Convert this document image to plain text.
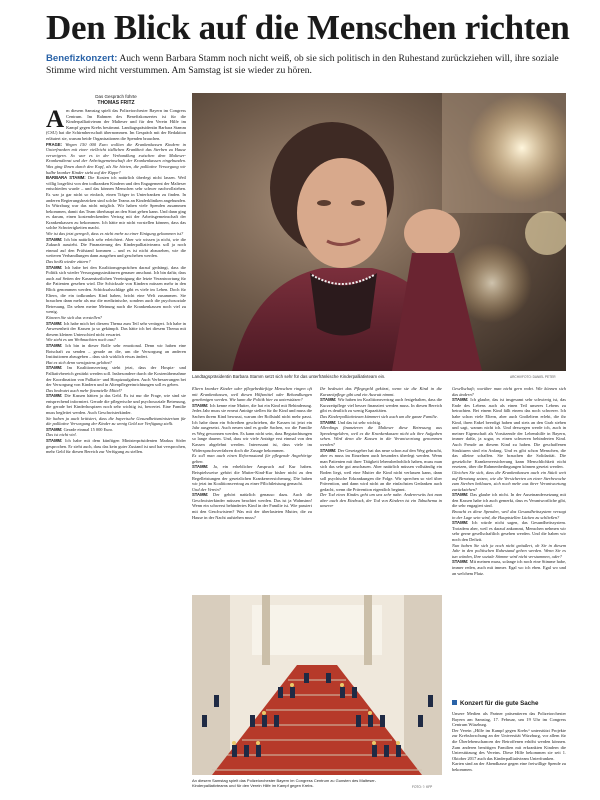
Den Blick auf die Menschen richten
Benefizkonzert: Auch wenn Barbara Stamm noch nicht weiß, ob sie sich politisch in den Ruhestand zurückziehen will, ihre soziale Stimme wird nicht verstummen. Am Samstag ist sie wieder zu hören.
Das Gespräch führte
THOMAS FRITZ
A m diesem Samstag spielt das Polizeiorchester Bayern im Congress Centrum. Im Rahmen des Benefizkonzertes ist für die Kinderpalliativteam der Malteser und für den Verein Hilfe im Kampf gegen Krebs bestimmt. Landtagspräsidentin Barbara Stamm (CSU) hat die Schirmherrschaft übernommen. Im Gespräch mit der Redaktion erläutert sie, warum beide Organisationen die Spenden brauchen.

FRAGE: Wegen 150 000 Euro wollten die Krankenkassen Kindern in Unterfranken mit einer vielleicht tödlichen Krankheit das Sterben zu Hause verweigern. So war es in der Verhandlung zwischen dem Malteser-Krankendienst und der Arbeitsgemeinschaft der Krankenkassen eingebunden. Was ging Ihnen durch den Kopf, als Sie hörten, die palliative Versorgung wir halbe kranker Kinder steht auf der Kippe?

BARBARA STAMM: Die Kosten ich natürlich überlegt nicht lassen. Weil völlig losgelöst von den todkranken Kindern und den Engagement der Malteser entschieden wurde – und das können Menschen sehr schwer nachvollziehen. Es war ja gar nicht so einfach, einen Träger in Unterfranken zu finden. In anderen Regierungsbezirken sind solche Teams an Kinderkliniken angebunden. In Würzburg war das nicht möglich. Wir haben viele Spenden zusammen bekommen, damit das Team überhaupt an den Start gehen kann. Und dann ging es darum, einen kostendeckenden Vertrag mit der Arbeitsgemeinschaft der Krankenkassen zu bekommen. Ich hätte mir nicht vorstellen können, dass das solche Schwierigkeiten macht.

Wie ist das jetzt geregelt, dass es nicht mehr zu einer Einigung gekommen ist?

STAMM: Ich bin natürlich sehr erleichtert. Aber wir wissen ja nicht, wie die Zukunft aussieht. Die Finanzierung des Kinderpalliativteams soll ja noch einmal auf den Prüfstand kommen – und es ist nicht abzusehen, wie die weiteren Verhandlungen dann ausgehen und geschehen werden.

Das heißt wieder zittern?

STAMM: Ich habe bei den Koalitionsgesprächen darauf gedrängt, dass die Politik sich wieder Versorgungsstrukturen genauer anschaut. Ich bin dafür, dass auch auf Seiten der Kassenärztlichen Vereinigung die letzte Verantwortung für die Patienten gesehen wird. Die Schicksale von Kindern müssen mehr in den Blick genommen werden. Schicksalsschläge gibt es viele im Leben. Doch für Eltern, die ein todkrankes Kind haben, bricht eine Welt zusammen. Sie brauchen dann mehr als nur die medizinische, sondern auch die psychosoziale Betreuung. Da sehen meine Meinung nach die Krankenkassen noch viel zu wenig.

Können Sie sich das vorstellen?

STAMM: Ich habe mich bei diesem Thema zum Teil sehr verärgert. Ich habe in Anwesenheit der Kassen ja so gekämpft. Das hätte ich bei diesem Thema mit diesem kleinen Unterschied nicht erwartet.

Wie steht es um Weihnachten noch aus?

STAMM: Ich bin in dieser Rolle sehr emotional. Denn wir haben eine Botschaft zu senden – gerade an die, um die Versorgung an anderen Institutionen abzugeben – dass sich wirklich etwas ändert.

Hat es sich denn wenigstens gelohnt?

STAMM: Im Koalitionsvertrag steht jetzt, dass der Hospiz- und Palliativbereich gestärkt werden soll. Insbesondere durch die Kostenübernahme der Koordination von Palliativ- und Hospizaufgaben. Auch Verbesserungen bei der Versorgung von Kindern und in Altenpflegeeinrichtungen soll es geben.

Das bedeutet auch mehr finanzielle Mittel?

STAMM: Die Kassen hätten ja das Geld. Es ist nur die Frage, wie sind sie entsprechend informiert. Gerade die pflegerische und psychosoziale Betreuung, die gerade bei Kinderhospizen noch sehr wichtig ist, bewertet. Eine Familie muss begleitet werden. Auch Geschwisterkinder.

Sie haben ja auch kritisiert, dass die bayerische Gesundheitsministerium für die palliative Versorgung der Kinder zu wenig Geld zur Verfügung stellt.

STAMM: Gerade einmal 15 000 Euro.

Das ist nicht viel.

STAMM: Ich habe mit dem künftigen Ministerpräsidenten Markus Söder gesprochen. Er sieht auch, dass das kein guter Zustand ist und hat versprochen, mehr Geld für diesen Bereich zur Verfügung zu stellen.

Landtagspräsidentin Barbara Stamm setzt sich sehr für das unterfränkische Kinderpalliativteam ein.	ARCHIVFOTO: DANIEL PETER

Eltern kranker Kinder oder pflegebedürftige Menschen ringen oft mit Krankenkassen, weil diesen Hilfsmittel oder Behandlungen genehmigen werden. Wie kann die Politik hier zu unterstützen?

STAMM: Ich kenne eine Mutter, die hat ein Kind mit Behinderung. Jedes Jahr muss sie erneut Anträge stellen für ihr Kind und muss die Sachen ihrem Kind bewusst, warum der Rollstuhl nicht mehr passt. Ich habe dann ein Schreiben geschrieben, die Kassen ist jetzt ein Jahr ausgesetzt. Auch neuen sind es große Sachen, wo die Familie es Weg gewonnen werden. Es kann nicht sein, dass Begutachtungen so lange dauern. Und, dass wir viele Anträge erst einmal von den Kassen abgelehnt werden. Interessant ist, dass viele im Widerspruchsverfahren doch die Zusage bekommen.

Es soll man auch einen Reformsstand für pflegende Angehörige geben.

STAMM: Ja, ein erheblicher Anspruch auf Kur haben. Beispielsweise gehört die Mutter-Kind-Kur bisher nicht zu den Regelleistungen der gesetzlichen Krankenversicherung. Die haben wir jetzt im Koalitionsvertrag zu einer Pflichtleistung gemacht.

Und der Verein?

STAMM: Der gehört natürlich genauso dazu. Auch die Geschwisterkinder müssen beachtet werden. Das ist ja Wahnsinn! Wenn ein schwerst behindertes Kind in der Familie ist. Wie passiert mit den Geschwistern? Was mit der überlasteten Mutter, die zu Hause in der Nacht aufstehen muss?

Ihr bedeutet das Pflegegeld gekürzt, wenn sie die Kind in die Kurzzeitpflege gibt und ein Ausrutt nimmt.

STAMM: Wir haben im Koalitionsvertrag auch festgehalten, dass die Kurzzeitpflege viel besser finanziert werden muss. In diesen Bereich gibt es deutlich zu wenig Kapazitäten.

Das Kinderpalliativteam kümmert sich auch um die ganze Familie.

STAMM: Und das ist sehr wichtig.

Allerdings finanzieren die Malteser diese Betreuung aus Spendengeldern, weil es die Krankenkassen nicht als ihre Aufgaben sehen. Wird denn die Kassen in die Verantwortung genommen werden?

STAMM: Der Gesetzgeber hat das neue schon auf den Weg gebracht, aber es muss im Einzelnen auch besonders überlegt werden. Wenn man Patienten mit ihrer Tätigkeit lebensbedrohlich haben, muss man sich das sehr gut anschauen. Aber natürlich müssen vollständig ein Boden liegt, weil eine Mutter die Kind nicht verlassen kann, dann soll psychische Erkrankungen die Folge. Wir sprechen so viel über Prävention, und dann wird nicht an die einfachsten Gedanken auch gedacht, wenn die Prävention eigentlich beginnt.

Der Tod eines Kindes geht um uns sehr nahe. Andererseits hat man aber auch den Eindruck, der Tod von Kindern ist ein Tabuthema in unserer

Gesellschaft; worüber man nicht gern redet. Wie können sich das ändern?

STAMM: Ich glaube, das ist insgesamt sehr schwierig ist, das Ende des Lebens auch als einen Teil unseres Lebens zu betrachten. Bei einem Kind fällt einem das noch schwerer. Ich habe schon viele Eltern, aber auch Großeltern erlebt, die ihr Kind, ihren Enkel beerdigt haben und stets an den Grab stehen und sagt, warum nicht ich. Und deswegen werde ich, auch in meiner Eigenschaft als Vorsitzende der Lebenshilfe in Bayern, immer dafür, ja sogar, es einen schweren behinderten Kind. Auch Freude an diesem Kind zu haben. Die geschaffenen Strukturen sind ein Anfang. Und es gibt schon Menschen, die das alleine schaffen. Sie brauchen die Solidarität. Die gesetzliche Krankenversicherung kann Menschlichkeit nicht ersetzen, über die Rahmenbedingungen können gesetzt werden.

Gleichen Sie sich, dass die Krankenkassen auch ein Stück weit auf Beratung setzen, wie die Versicherten an einer Sterbewoche zum Sterben beklauen, sich noch mehr aus ihrer Verantwortung zurückziehen?

STAMM: Das glaube ich nicht. In der Auseinandersetzung mit den Kassen habe ich auch gemerkt, dass es Verantwortliche gibt, die sehr engagiert sind.

Braucht es diese Spenden, weil das Gesundheitssystem versagt in der Lage sein wird, die Hauptstellen Lücken zu schließen?

STAMM: Ich würde nicht sagen, das Gesundheitssystem. Trotzdem aber, weil es darauf ankommt, Menschen nehmen wir sehr gerne gesellschaftlich gesehen werden. Und die haben wir noch den Defizit.

Nun haben Sie sich ja noch nicht geäußert, ob Sie in diesem Jahr in den politischen Ruhestand gehen werden. Wenn Sie es tun würden, Ihre soziale Stimme wird nicht verstummen, oder?

STAMM: Mit meinen muss, solange ich noch eine Stimme habe, immer reden, auch mit immer. Egal wo ich eben. Egal wo und an welchem Platz.

An diesem Samstag spielt das Polizeiorchester Bayern im Congress Centrum zu Gunsten des Malteser-Kinderpalliativteams und für den Verein Hilfe im Kampf gegen Krebs.	FOTO: ?. KFP
Konzert für die gute Sache

Unsere Medien als Partner präsentieren das Polizeiorchester Bayern am Samstag, 17. Februar, um 19 Uhr im Congress Centrum Würzburg.

Der Verein „Hilfe im Kampf gegen Krebs“ unterstützt Projekte zur Krebsforschung an der Universität Würzburg, vor allem für die Überlebenschancen der Betroffenen erhöht werden können. Zum anderen benötigen Familien mit erkrankten Kindern die Unterstützung des Vereins. Diese Hilfe bekommen sie seit 1. Oktober 2017 auch das Kinderpalliativteam Unterfranken.

Karten sind an der Abendkasse gegen eine freiwillige Spende zu bekommen.
